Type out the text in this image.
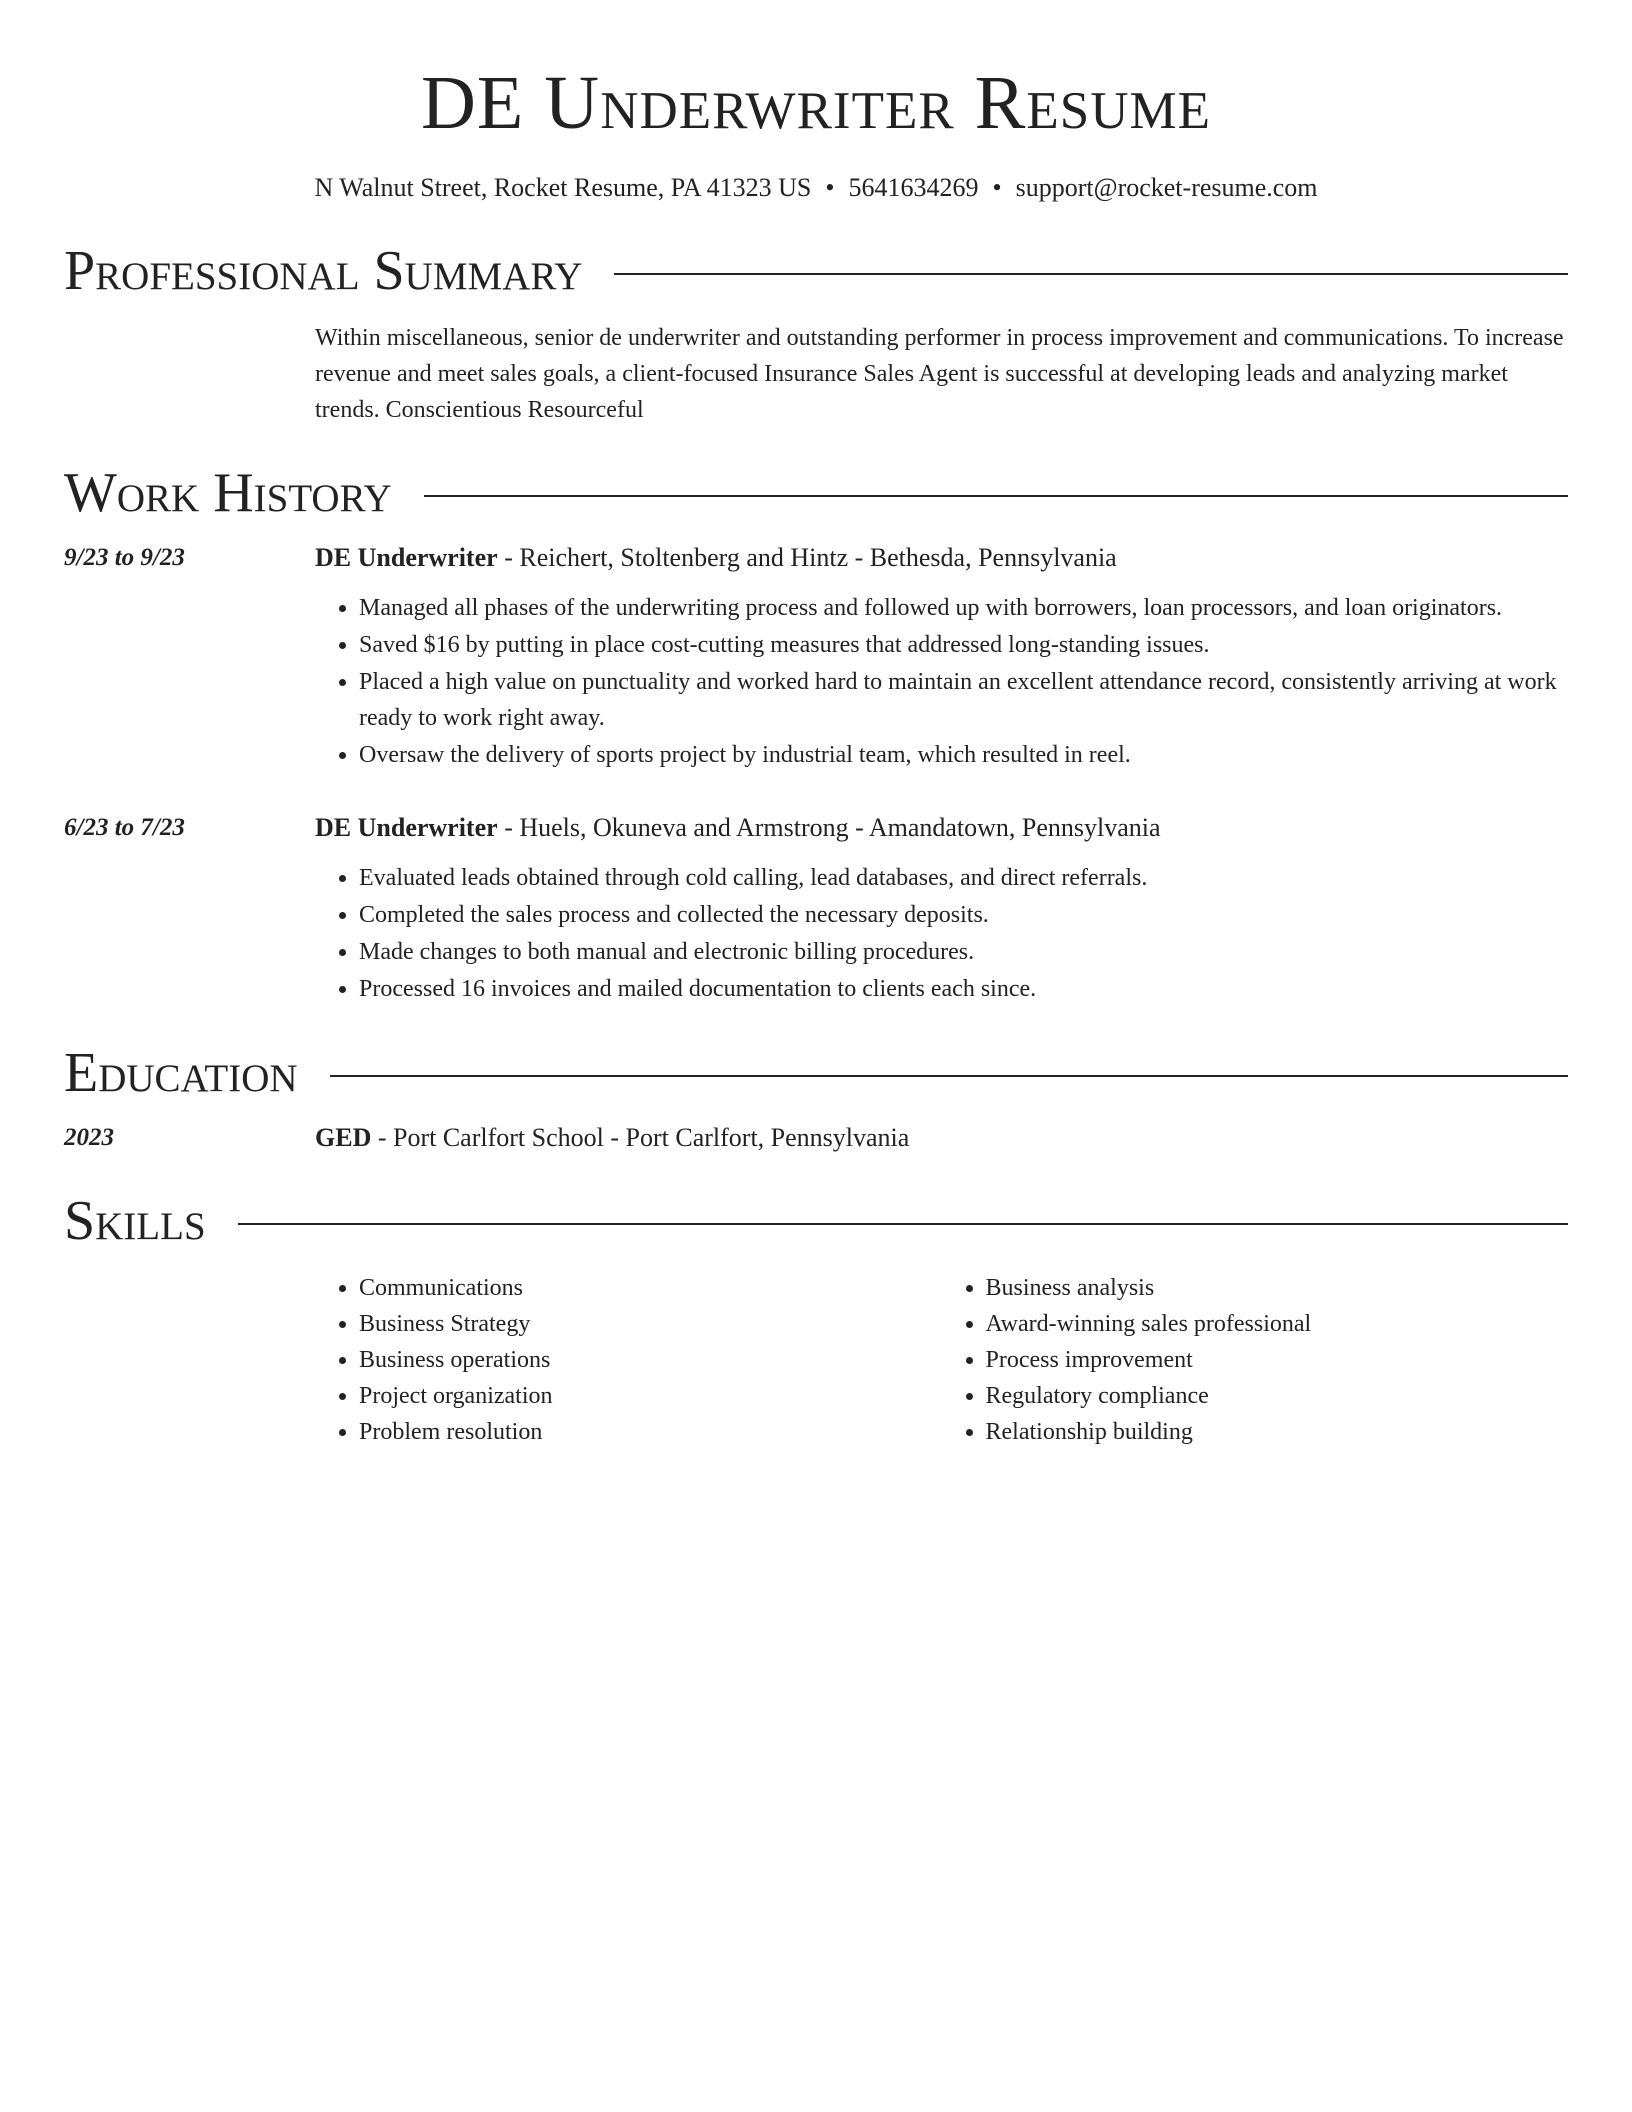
DE Underwriter Resume
N Walnut Street, Rocket Resume, PA 41323 US • 5641634269 • support@rocket-resume.com
Professional Summary
Within miscellaneous, senior de underwriter and outstanding performer in process improvement and communications. To increase revenue and meet sales goals, a client-focused Insurance Sales Agent is successful at developing leads and analyzing market trends. Conscientious Resourceful
Work History
9/23 to 9/23	DE Underwriter - Reichert, Stoltenberg and Hintz - Bethesda, Pennsylvania
• Managed all phases of the underwriting process and followed up with borrowers, loan processors, and loan originators.
• Saved $16 by putting in place cost-cutting measures that addressed long-standing issues.
• Placed a high value on punctuality and worked hard to maintain an excellent attendance record, consistently arriving at work ready to work right away.
• Oversaw the delivery of sports project by industrial team, which resulted in reel.
6/23 to 7/23	DE Underwriter - Huels, Okuneva and Armstrong - Amandatown, Pennsylvania
• Evaluated leads obtained through cold calling, lead databases, and direct referrals.
• Completed the sales process and collected the necessary deposits.
• Made changes to both manual and electronic billing procedures.
• Processed 16 invoices and mailed documentation to clients each since.
Education
2023	GED - Port Carlfort School - Port Carlfort, Pennsylvania
Skills
• Communications
• Business Strategy
• Business operations
• Project organization
• Problem resolution
• Business analysis
• Award-winning sales professional
• Process improvement
• Regulatory compliance
• Relationship building
